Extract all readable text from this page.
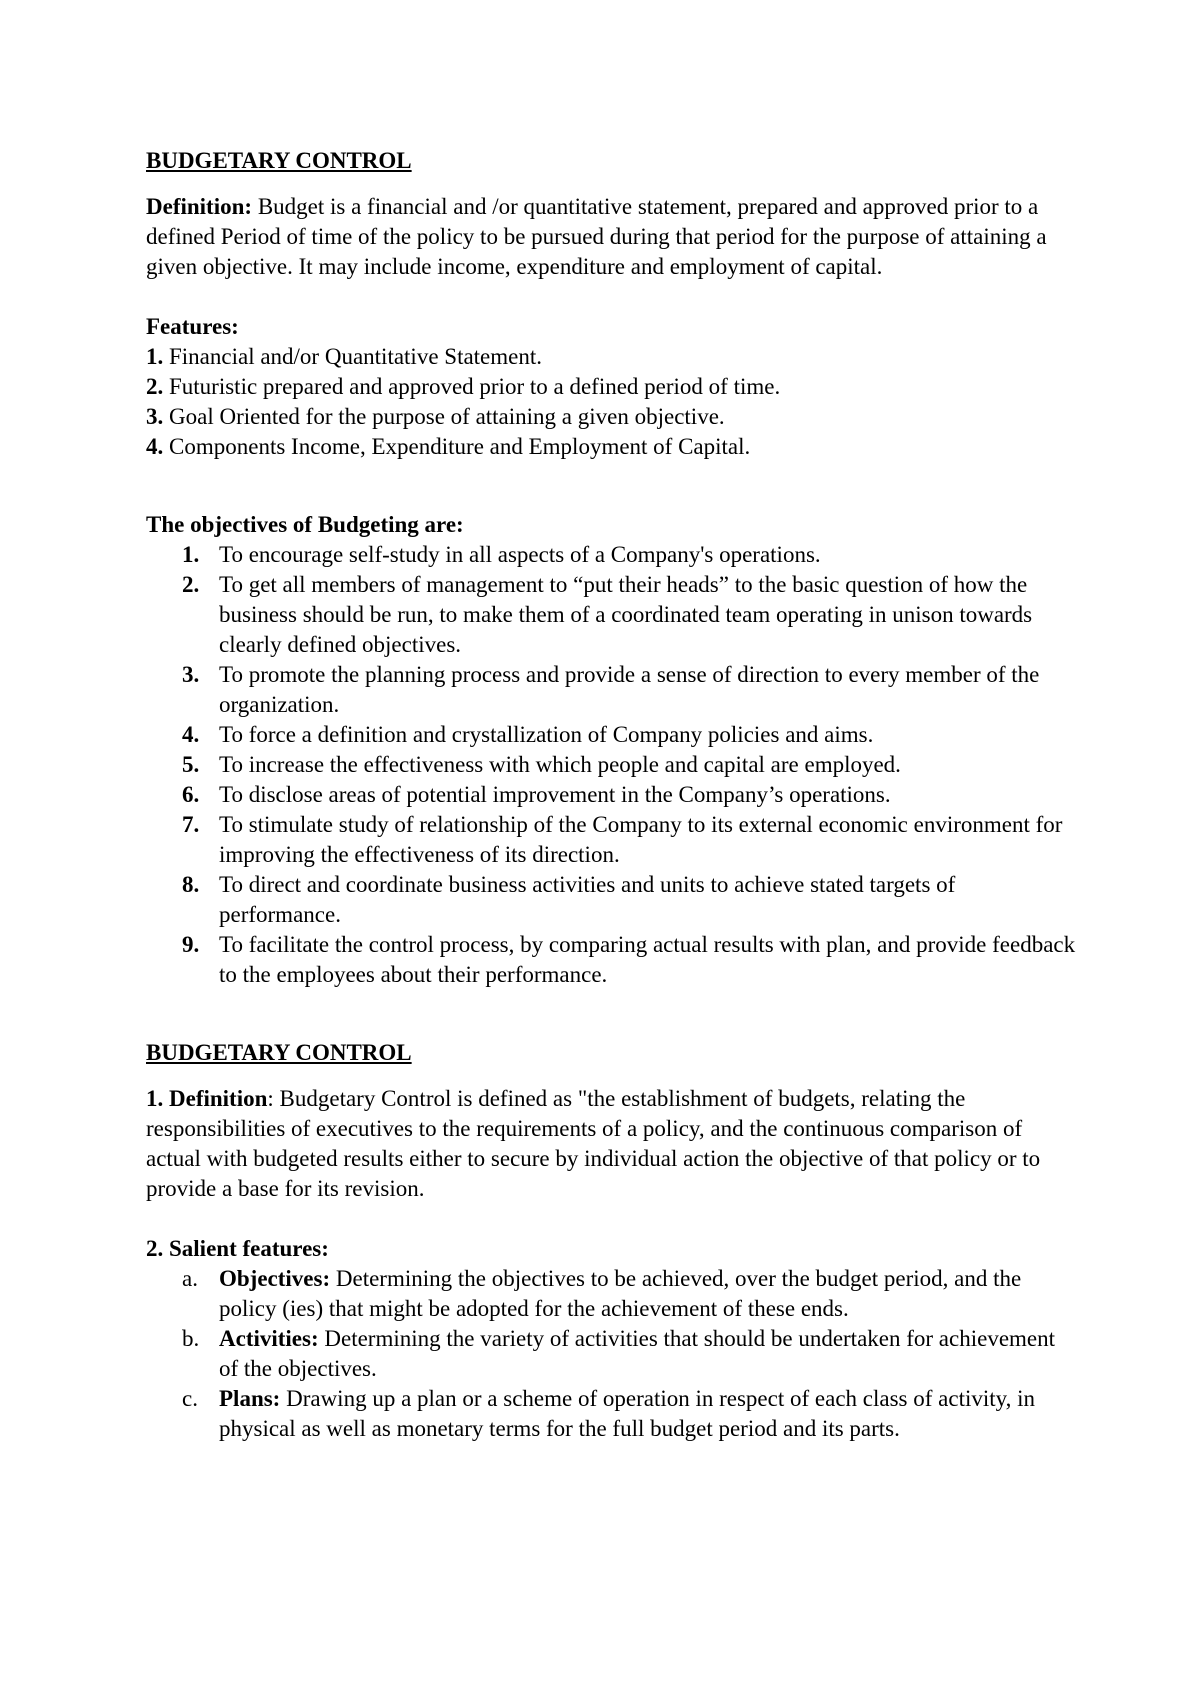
BUDGETARY CONTROL

Definition: Budget is a financial and /or quantitative statement, prepared and approved prior to a defined Period of time of the policy to be pursued during that period for the purpose of attaining a given objective. It may include income, expenditure and employment of capital.

Features:

1. Financial and/or Quantitative Statement.

2. Futuristic prepared and approved prior to a defined period of time.

3. Goal Oriented for the purpose of attaining a given objective.

4. Components Income, Expenditure and Employment of Capital.

The objectives of Budgeting are:

1. To encourage self-study in all aspects of a Company's operations.
2. To get all members of management to “put their heads” to the basic question of how the business should be run, to make them of a coordinated team operating in unison towards clearly defined objectives.
3. To promote the planning process and provide a sense of direction to every member of the organization.
4. To force a definition and crystallization of Company policies and aims.
5. To increase the effectiveness with which people and capital are employed.
6. To disclose areas of potential improvement in the Company’s operations.
7. To stimulate study of relationship of the Company to its external economic environment for improving the effectiveness of its direction.
8. To direct and coordinate business activities and units to achieve stated targets of performance.
9. To facilitate the control process, by comparing actual results with plan, and provide feedback to the employees about their performance.
BUDGETARY CONTROL

1. Definition: Budgetary Control is defined as "the establishment of budgets, relating the responsibilities of executives to the requirements of a policy, and the continuous comparison of actual with budgeted results either to secure by individual action the objective of that policy or to provide a base for its revision.

2. Salient features:

a. Objectives: Determining the objectives to be achieved, over the budget period, and the policy (ies) that might be adopted for the achievement of these ends.
b. Activities: Determining the variety of activities that should be undertaken for achievement of the objectives.
c. Plans: Drawing up a plan or a scheme of operation in respect of each class of activity, in physical as well as monetary terms for the full budget period and its parts.
